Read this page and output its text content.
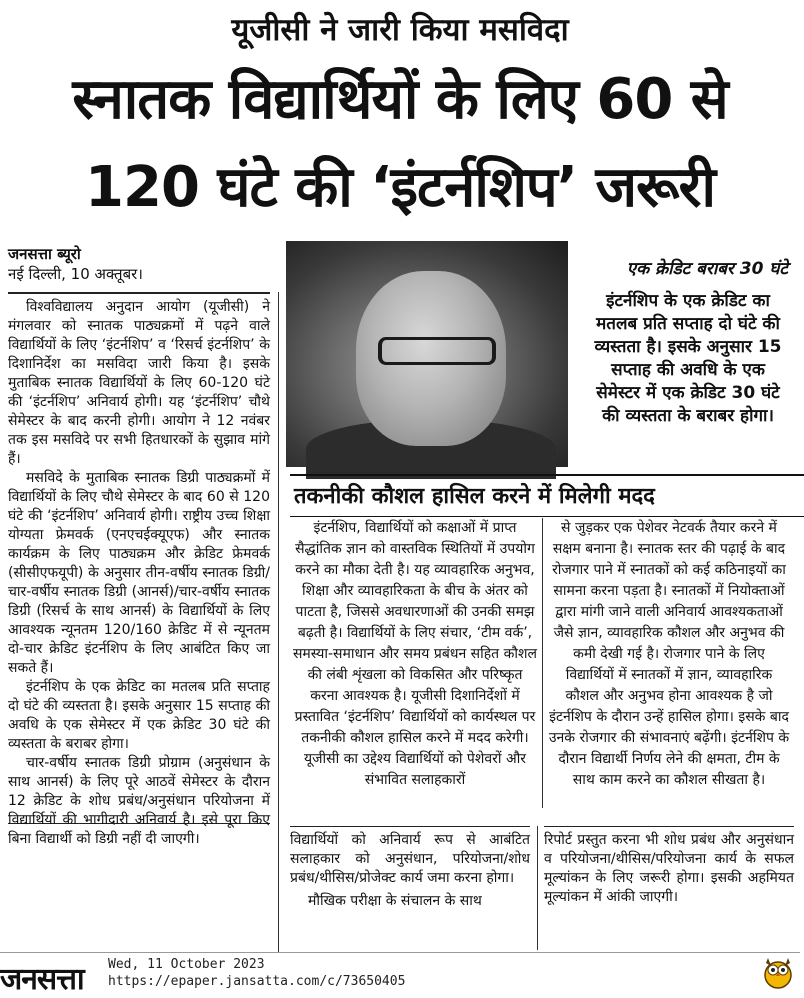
यूजीसी ने जारी किया मसविदा
स्नातक विद्यार्थियों के लिए 60 से
120 घंटे की ‘इंटर्नशिप’ जरूरी
जनसत्ता ब्यूरो
नई दिल्ली, 10 अक्तूबर।

विश्वविद्यालय अनुदान आयोग (यूजीसी) ने मंगलवार को स्नातक पाठ्यक्रमों में पढ़ने वाले विद्यार्थियों के लिए ‘इंटर्नशिप’ व ‘रिसर्च इंटर्नशिप’ के दिशानिर्देश का मसविदा जारी किया है। इसके मुताबिक स्नातक विद्यार्थियों के लिए 60-120 घंटे की ‘इंटर्नशिप’ अनिवार्य होगी। यह ‘इंटर्नशिप’ चौथे सेमेस्टर के बाद करनी होगी। आयोग ने 12 नवंबर तक इस मसविदे पर सभी हितधारकों के सुझाव मांगे हैं।

मसविदे के मुताबिक स्नातक डिग्री पाठ्यक्रमों में विद्यार्थियों के लिए चौथे सेमेस्टर के बाद 60 से 120 घंटे की ‘इंटर्नशिप’ अनिवार्य होगी। राष्ट्रीय उच्च शिक्षा योग्यता फ्रेमवर्क (एनएचईक्यूएफ) और स्नातक कार्यक्रम के लिए पाठ्यक्रम और क्रेडिट फ्रेमवर्क (सीसीएफयूपी) के अनुसार तीन-वर्षीय स्नातक डिग्री/चार-वर्षीय स्नातक डिग्री (आनर्स)/चार-वर्षीय स्नातक डिग्री (रिसर्च के साथ आनर्स) के विद्यार्थियों के लिए आवश्यक न्यूनतम 120/160 क्रेडिट में से न्यूनतम दो-चार क्रेडिट इंटर्नशिप के लिए आबंटित किए जा सकते हैं।

इंटर्नशिप के एक क्रेडिट का मतलब प्रति सप्ताह दो घंटे की व्यस्तता है। इसके अनुसार 15 सप्ताह की अवधि के एक सेमेस्टर में एक क्रेडिट 30 घंटे की व्यस्तता के बराबर होगा।

चार-वर्षीय स्नातक डिग्री प्रोग्राम (अनुसंधान के साथ आनर्स) के लिए पूरे आठवें सेमेस्टर के दौरान 12 क्रेडिट के शोध प्रबंध/अनुसंधान परियोजना में विद्यार्थियों की भागीदारी अनिवार्य है। इसे पूरा किए बिना विद्यार्थी को डिग्री नहीं दी जाएगी।

एक क्रेडिट बराबर 30 घंटे
इंटर्नशिप के एक क्रेडिट का मतलब प्रति सप्ताह दो घंटे की व्यस्तता है। इसके अनुसार 15 सप्ताह की अवधि के एक सेमेस्टर में एक क्रेडिट 30 घंटे की व्यस्तता के बराबर होगा।
तकनीकी कौशल हासिल करने में मिलेगी मदद

इंटर्नशिप, विद्यार्थियों को कक्षाओं में प्राप्त सैद्धांतिक ज्ञान को वास्तविक स्थितियों में उपयोग करने का मौका देती है। यह व्यावहारिक अनुभव, शिक्षा और व्यावहारिकता के बीच के अंतर को पाटता है, जिससे अवधारणाओं की उनकी समझ बढ़ती है। विद्यार्थियों के लिए संचार, ‘टीम वर्क’, समस्या-समाधान और समय प्रबंधन सहित कौशल की लंबी शृंखला को विकसित और परिष्कृत करना आवश्यक है। यूजीसी दिशानिर्देशों में प्रस्तावित ‘इंटर्नशिप’ विद्यार्थियों को कार्यस्थल पर तकनीकी कौशल हासिल करने में मदद करेगी। यूजीसी का उद्देश्य विद्यार्थियों को पेशेवरों और संभावित सलाहकारों

से जुड़कर एक पेशेवर नेटवर्क तैयार करने में सक्षम बनाना है। स्नातक स्तर की पढ़ाई के बाद रोजगार पाने में स्नातकों को कई कठिनाइयों का सामना करना पड़ता है। स्नातकों में नियोक्ताओं द्वारा मांगी जाने वाली अनिवार्य आवश्यकताओं जैसे ज्ञान, व्यावहारिक कौशल और अनुभव की कमी देखी गई है। रोजगार पाने के लिए विद्यार्थियों में स्नातकों में ज्ञान, व्यावहारिक कौशल और अनुभव होना आवश्यक है जो इंटर्नशिप के दौरान उन्हें हासिल होगा। इसके बाद उनके रोजगार की संभावनाएं बढ़ेंगी। इंटर्नशिप के दौरान विद्यार्थी निर्णय लेने की क्षमता, टीम के साथ काम करने का कौशल सीखता है।

विद्यार्थियों को अनिवार्य रूप से आबंटित सलाहकार को अनुसंधान, परियोजना/शोध प्रबंध/थीसिस/प्रोजेक्ट कार्य जमा करना होगा।

मौखिक परीक्षा के संचालन के साथ

रिपोर्ट प्रस्तुत करना भी शोध प्रबंध और अनुसंधान व परियोजना/थीसिस/परियोजना कार्य के सफल मूल्यांकन के लिए जरूरी होगा। इसकी अहमियत मूल्यांकन में आंकी जाएगी।

जनसत्ता Wed, 11 October 2023
https://epaper.jansatta.com/c/73650405
